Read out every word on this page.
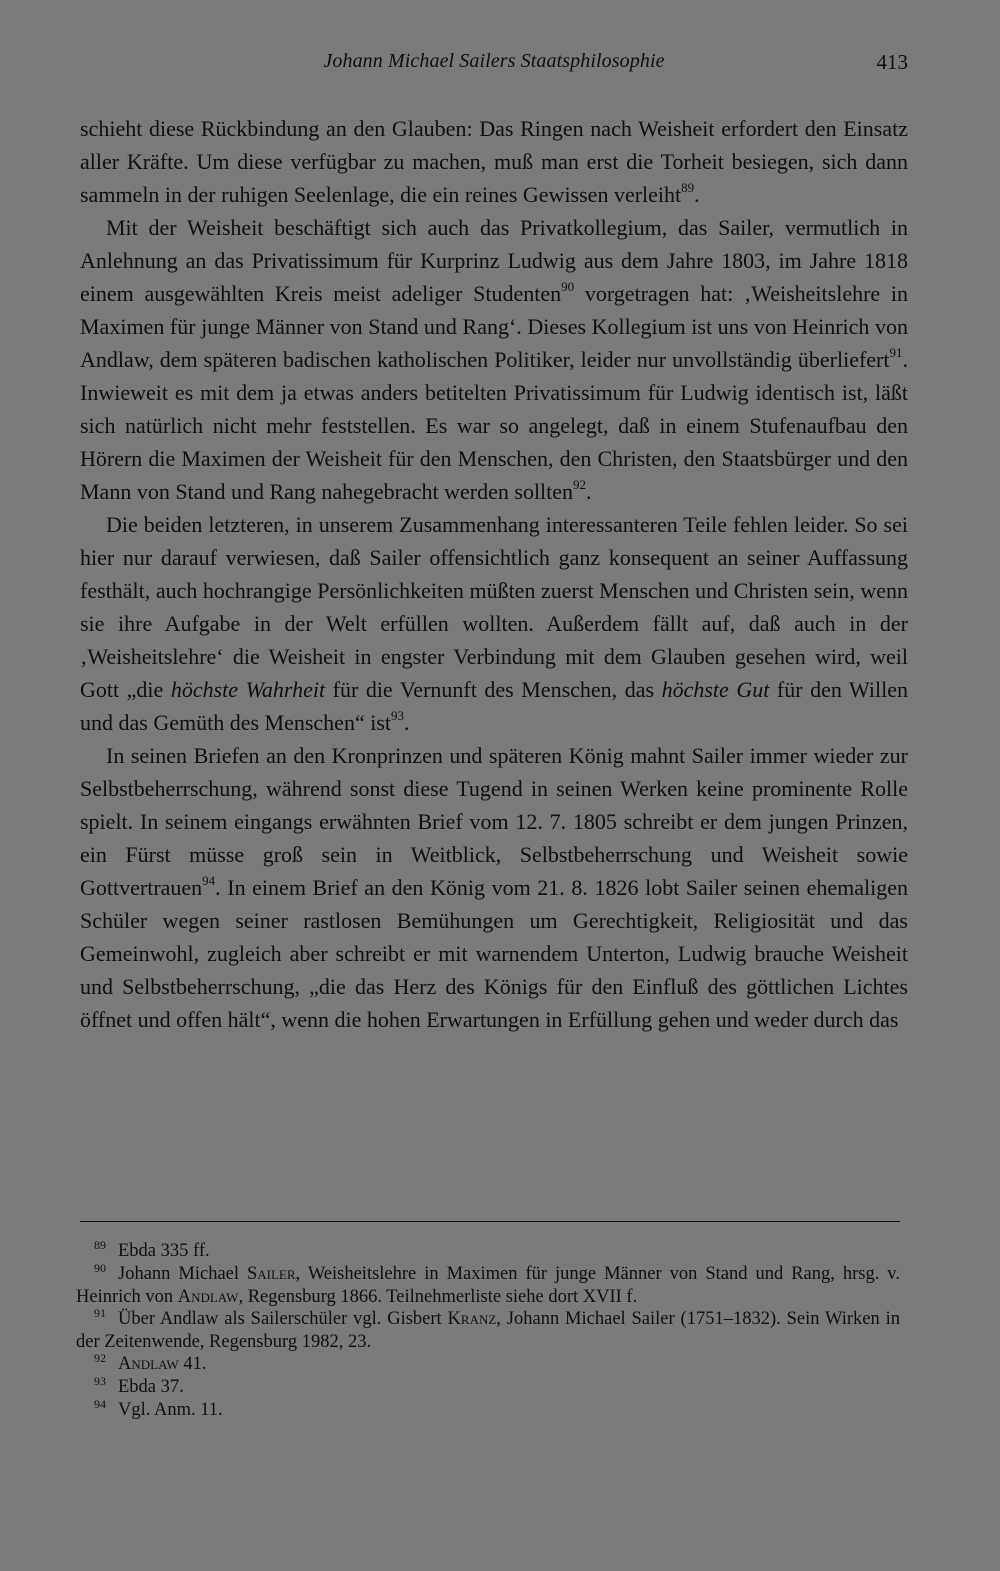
Johann Michael Sailers Staatsphilosophie	413

schieht diese Rückbindung an den Glauben: Das Ringen nach Weisheit erfordert den Einsatz aller Kräfte. Um diese verfügbar zu machen, muß man erst die Torheit besiegen, sich dann sammeln in der ruhigen Seelenlage, die ein reines Gewissen verleiht$^{89}$.

Mit der Weisheit beschäftigt sich auch das Privatkollegium, das Sailer, vermutlich in Anlehnung an das Privatissimum für Kurprinz Ludwig aus dem Jahre 1803, im Jahre 1818 einem ausgewählten Kreis meist adeliger Studenten$^{90}$ vorgetragen hat: ‚Weisheitslehre in Maximen für junge Männer von Stand und Rang‘. Dieses Kollegium ist uns von Heinrich von Andlaw, dem späteren badischen katholischen Politiker, leider nur unvollständig überliefert$^{91}$. Inwieweit es mit dem ja etwas anders betitelten Privatissimum für Ludwig identisch ist, läßt sich natürlich nicht mehr feststellen. Es war so angelegt, daß in einem Stufenaufbau den Hörern die Maximen der Weisheit für den Menschen, den Christen, den Staatsbürger und den Mann von Stand und Rang nahegebracht werden sollten$^{92}$.

Die beiden letzteren, in unserem Zusammenhang interessanteren Teile fehlen leider. So sei hier nur darauf verwiesen, daß Sailer offensichtlich ganz konsequent an seiner Auffassung festhält, auch hochrangige Persönlichkeiten müßten zuerst Menschen und Christen sein, wenn sie ihre Aufgabe in der Welt erfüllen wollten. Außerdem fällt auf, daß auch in der ‚Weisheitslehre‘ die Weisheit in engster Verbindung mit dem Glauben gesehen wird, weil Gott „die höchste Wahrheit für die Vernunft des Menschen, das höchste Gut für den Willen und das Gemüth des Menschen“ ist$^{93}$.

In seinen Briefen an den Kronprinzen und späteren König mahnt Sailer immer wieder zur Selbstbeherrschung, während sonst diese Tugend in seinen Werken keine prominente Rolle spielt. In seinem eingangs erwähnten Brief vom 12. 7. 1805 schreibt er dem jungen Prinzen, ein Fürst müsse groß sein in Weitblick, Selbstbeherrschung und Weisheit sowie Gottvertrauen$^{94}$. In einem Brief an den König vom 21. 8. 1826 lobt Sailer seinen ehemaligen Schüler wegen seiner rastlosen Bemühungen um Gerechtigkeit, Religiosität und das Gemeinwohl, zugleich aber schreibt er mit warnendem Unterton, Ludwig brauche Weisheit und Selbstbeherrschung, „die das Herz des Königs für den Einfluß des göttlichen Lichtes öffnet und offen hält“, wenn die hohen Erwartungen in Erfüllung gehen und weder durch das

$^{89}$ Ebda 335 ff.

$^{90}$ Johann Michael Sailer, Weisheitslehre in Maximen für junge Männer von Stand und Rang, hrsg. v. Heinrich von Andlaw, Regensburg 1866. Teilnehmerliste siehe dort XVII f.

$^{91}$ Über Andlaw als Sailerschüler vgl. Gisbert Kranz, Johann Michael Sailer (1751–1832). Sein Wirken in der Zeitenwende, Regensburg 1982, 23.

$^{92}$ Andlaw 41.

$^{93}$ Ebda 37.

$^{94}$ Vgl. Anm. 11.
